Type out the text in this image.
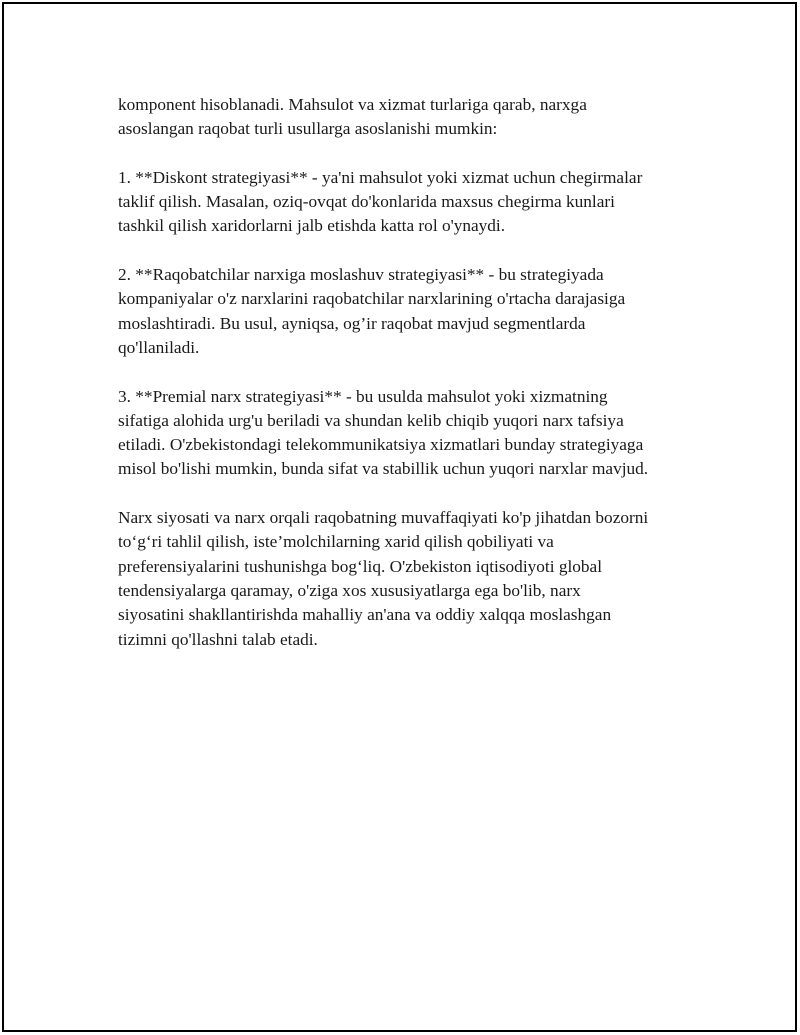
komponent hisoblanadi. Mahsulot va xizmat turlariga qarab, narxga
asoslangan raqobat turli usullarga asoslanishi mumkin:

1. **Diskont strategiyasi** - ya'ni mahsulot yoki xizmat uchun chegirmalar
taklif qilish. Masalan, oziq-ovqat do'konlarida maxsus chegirma kunlari
tashkil qilish xaridorlarni jalb etishda katta rol o'ynaydi.

2. **Raqobatchilar narxiga moslashuv strategiyasi** - bu strategiyada
kompaniyalar o'z narxlarini raqobatchilar narxlarining o'rtacha darajasiga
moslashtiradi. Bu usul, ayniqsa, og’ir raqobat mavjud segmentlarda
qo'llaniladi.

3. **Premial narx strategiyasi** - bu usulda mahsulot yoki xizmatning
sifatiga alohida urg'u beriladi va shundan kelib chiqib yuqori narx tafsiya
etiladi. O'zbekistondagi telekommunikatsiya xizmatlari bunday strategiyaga
misol bo'lishi mumkin, bunda sifat va stabillik uchun yuqori narxlar mavjud.

Narx siyosati va narx orqali raqobatning muvaffaqiyati ko'p jihatdan bozorni
to‘g‘ri tahlil qilish, iste’molchilarning xarid qilish qobiliyati va
preferensiyalarini tushunishga bog‘liq. O'zbekiston iqtisodiyoti global
tendensiyalarga qaramay, o'ziga xos xususiyatlarga ega bo'lib, narx
siyosatini shakllantirishda mahalliy an'ana va oddiy xalqqa moslashgan
tizimni qo'llashni talab etadi.
